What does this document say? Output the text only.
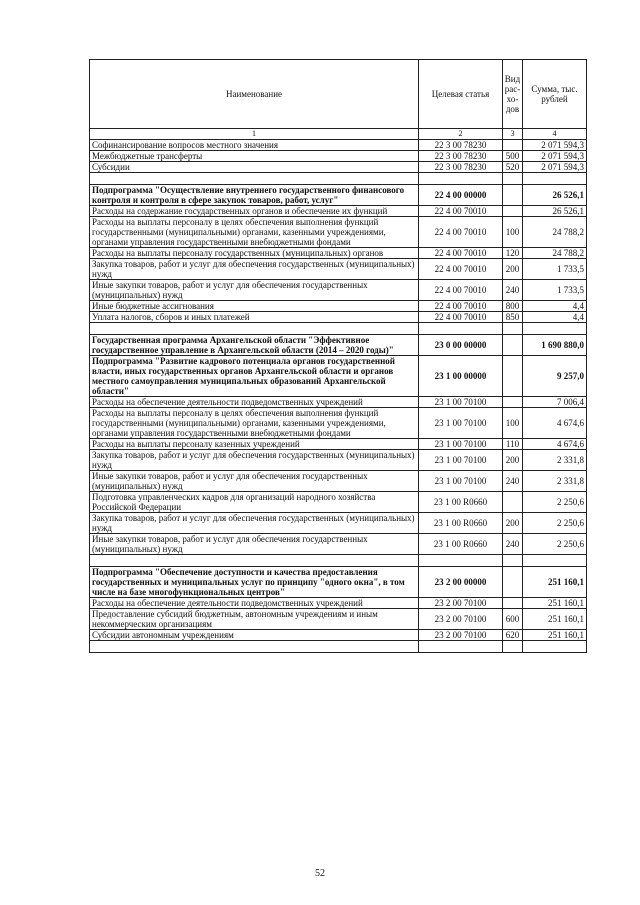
Наименование	Целевая статья	Вид рас-хо-дов	Сумма, тыс. рублей
1	2	3	4
Софинансирование вопросов местного значения	22 3 00 78230		2 071 594,3
Межбюджетные трансферты	22 3 00 78230	500	2 071 594,3
Субсидии	22 3 00 78230	520	2 071 594,3

Подпрограмма "Осуществление внутреннего государственного финансового контроля и контроля в сфере закупок товаров, работ, услуг"	22 4 00 00000		26 526,1
Расходы на содержание государственных органов и обеспечение их функций	22 4 00 70010		26 526,1
Расходы на выплаты персоналу в целях обеспечения выполнения функций государственными (муниципальными) органами, казенными учреждениями, органами управления государственными внебюджетными фондами	22 4 00 70010	100	24 788,2
Расходы на выплаты персоналу государственных (муниципальных) органов	22 4 00 70010	120	24 788,2
Закупка товаров, работ и услуг для обеспечения государственных (муниципальных) нужд	22 4 00 70010	200	1 733,5
Иные закупки товаров, работ и услуг для обеспечения государственных (муниципальных) нужд	22 4 00 70010	240	1 733,5
Иные бюджетные ассигнования	22 4 00 70010	800	4,4
Уплата налогов, сборов и иных платежей	22 4 00 70010	850	4,4

Государственная программа Архангельской области "Эффективное государственное управление в Архангельской области (2014 – 2020 годы)"	23 0 00 00000		1 690 880,0
Подпрограмма "Развитие кадрового потенциала органов государственной власти, иных государственных органов Архангельской области и органов местного самоуправления муниципальных образований Архангельской области"	23 1 00 00000		9 257,0
Расходы на обеспечение деятельности подведомственных учреждений	23 1 00 70100		7 006,4
Расходы на выплаты персоналу в целях обеспечения выполнения функций государственными (муниципальными) органами, казенными учреждениями, органами управления государственными внебюджетными фондами	23 1 00 70100	100	4 674,6
Расходы на выплаты персоналу казенных учреждений	23 1 00 70100	110	4 674,6
Закупка товаров, работ и услуг для обеспечения государственных (муниципальных) нужд	23 1 00 70100	200	2 331,8
Иные закупки товаров, работ и услуг для обеспечения государственных (муниципальных) нужд	23 1 00 70100	240	2 331,8
Подготовка управленческих кадров для организаций народного хозяйства Российской Федерации	23 1 00 R0660		2 250,6
Закупка товаров, работ и услуг для обеспечения государственных (муниципальных) нужд	23 1 00 R0660	200	2 250,6
Иные закупки товаров, работ и услуг для обеспечения государственных (муниципальных) нужд	23 1 00 R0660	240	2 250,6

Подпрограмма "Обеспечение доступности и качества предоставления государственных и муниципальных услуг по принципу "одного окна", в том числе на базе многофункциональных центров"	23 2 00 00000		251 160,1
Расходы на обеспечение деятельности подведомственных учреждений	23 2 00 70100		251 160,1
Предоставление субсидий бюджетным, автономным учреждениям и иным некоммерческим организациям	23 2 00 70100	600	251 160,1
Субсидии автономным учреждениям	23 2 00 70100	620	251 160,1

52
